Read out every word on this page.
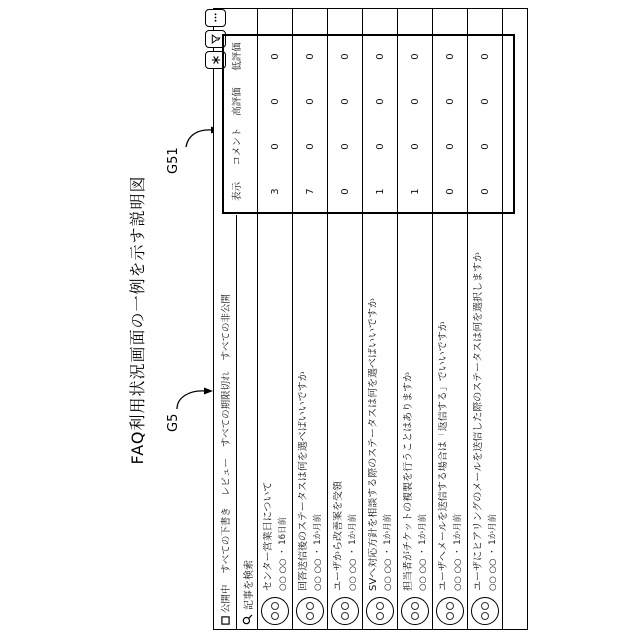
FAQ利用状況画面の一例を示す説明図 G5
G51
公開中
すべての下書き
レビュー
すべての期限切れ
すべての非公開
記事を検索
表示
コメント
高評価
低評価
センター営業日について ○○ ○○ ・ 16日前
3
0
0
0
回答送信後のステータスは何を選べばいいですか ○○ ○○ ・ 1か月前
7
0
0
0
ユーザから改善案を受領 ○○ ○○ ・ 1か月前
0
0
0
0
SVへ対応方針を相談する際のステータスは何を選べばいいですか ○○ ○○ ・ 1か月前
1
0
0
0
担当者がチケットの複製を行うことはありますか ○○ ○○ ・ 1か月前
1
0
0
0
ユーザへメールを送信する場合は「返信する」でいいですか ○○ ○○ ・ 1か月前
0
0
0
0
ユーザにヒアリングのメールを送信した際のステータスは何を選択しますか ○○ ○○ ・ 1か月前
0
0
0
0
